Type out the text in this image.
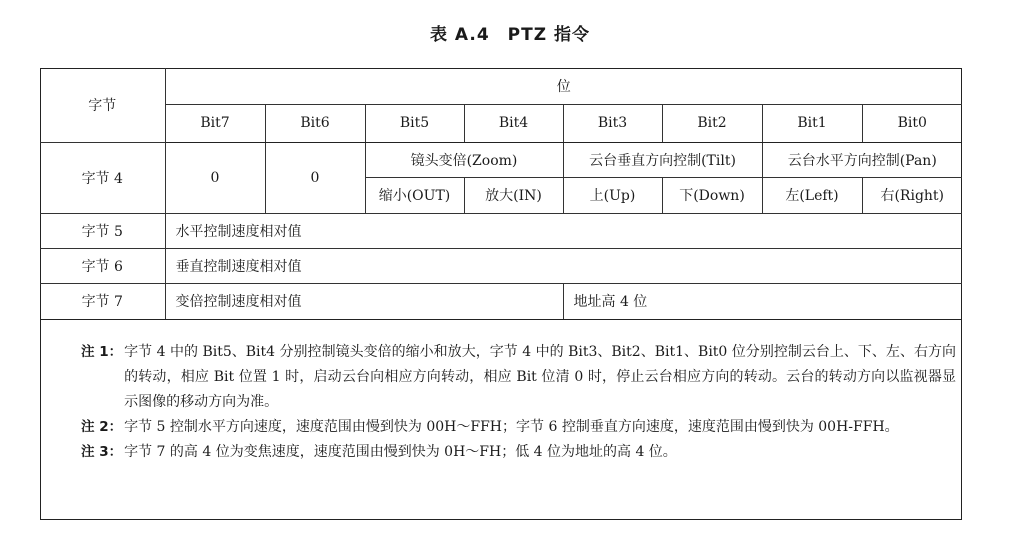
表 A.4　PTZ 指令
字节	位							
	Bit7	Bit6	Bit5	Bit4	Bit3	Bit2	Bit1	Bit0
字节 4	0	0	镜头变倍(Zoom)		云台垂直方向控制(Tilt)		云台水平方向控制(Pan)	
			缩小(OUT)	放大(IN)	上(Up)	下(Down)	左(Left)	右(Right)
字节 5	水平控制速度相对值							
字节 6	垂直控制速度相对值							
字节 7	变倍控制速度相对值				地址高 4 位			
注 1： 字节 4 中的 Bit5、Bit4 分别控制镜头变倍的缩小和放大，字节 4 中的 Bit3、Bit2、Bit1、Bit0 位分别控制云台上、下、左、右方向的转动，相应 Bit 位置 1 时，启动云台向相应方向转动，相应 Bit 位清 0 时，停止云台相应方向的转动。云台的转动方向以监视器显示图像的移动方向为准。
注 2： 字节 5 控制水平方向速度，速度范围由慢到快为 00H～FFH；字节 6 控制垂直方向速度，速度范围由慢到快为 00H-FFH。
注 3： 字节 7 的高 4 位为变焦速度，速度范围由慢到快为 0H～FH；低 4 位为地址的高 4 位。
